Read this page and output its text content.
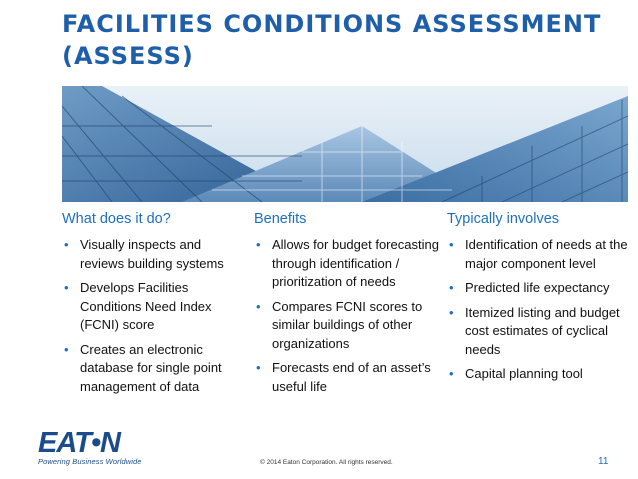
FACILITIES CONDITIONS ASSESSMENT
(ASSESS)
What does it do?
• Visually inspects and reviews building systems
• Develops Facilities Conditions Need Index (FCNI) score
• Creates an electronic database for single point management of data
Benefits
• Allows for budget forecasting through identification / prioritization of needs
• Compares FCNI scores to similar buildings of other organizations
• Forecasts end of an asset’s useful life
Typically involves
• Identification of needs at the major component level
• Predicted life expectancy
• Itemized listing and budget cost estimates of cyclical needs
• Capital planning tool
EAT•N
Powering Business Worldwide	© 2014 Eaton Corporation. All rights reserved.	11
